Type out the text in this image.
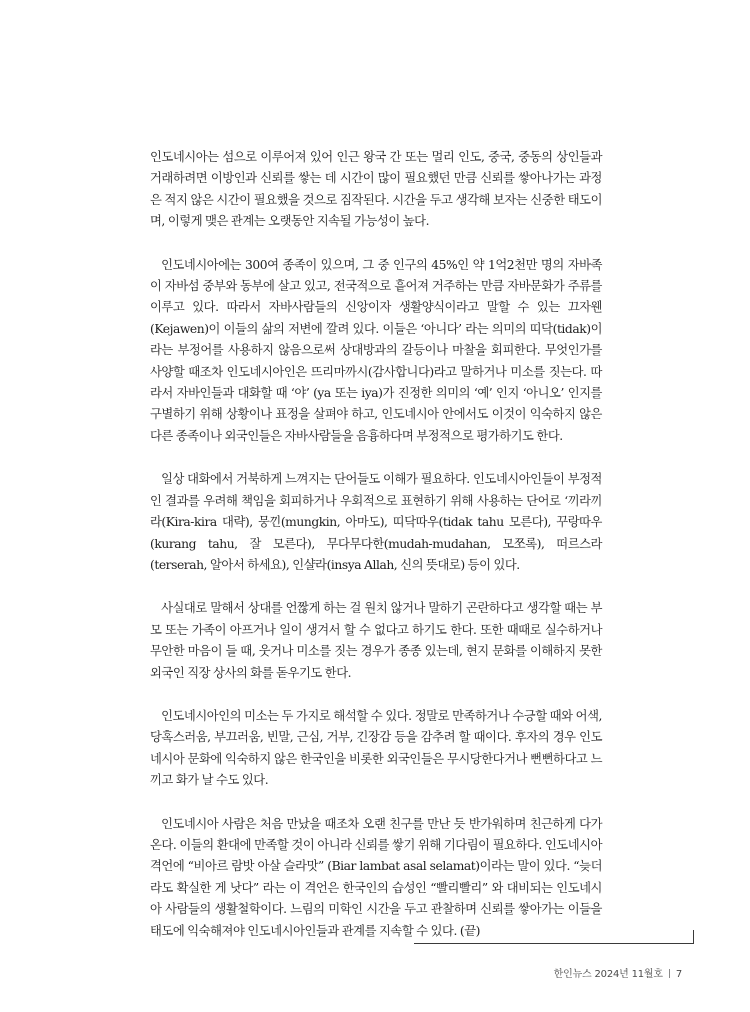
인도네시아는 섬으로 이루어져 있어 인근 왕국 간 또는 멀리 인도, 중국, 중동의 상인들과 거래하려면 이방인과 신뢰를 쌓는 데 시간이 많이 필요했던 만큼 신뢰를 쌓아나가는 과정은 적지 않은 시간이 필요했을 것으로 짐작된다. 시간을 두고 생각해 보자는 신중한 태도이며, 이렇게 맺은 관계는 오랫동안 지속될 가능성이 높다.

인도네시아에는 300여 종족이 있으며, 그 중 인구의 45%인 약 1억2천만 명의 자바족이 자바섬 중부와 동부에 살고 있고, 전국적으로 흩어져 거주하는 만큼 자바문화가 주류를 이루고 있다. 따라서 자바사람들의 신앙이자 생활양식이라고 말할 수 있는 끄자웬(Kejawen)이 이들의 삶의 저변에 깔려 있다. 이들은 ‘아니다’ 라는 의미의 띠닥(tidak)이라는 부정어를 사용하지 않음으로써 상대방과의 갈등이나 마찰을 회피한다. 무엇인가를 사양할 때조차 인도네시아인은 뜨리마까시(감사합니다)라고 말하거나 미소를 짓는다. 따라서 자바인들과 대화할 때 ‘야’ (ya 또는 iya)가 진정한 의미의 ‘예’ 인지 ‘아니오’ 인지를 구별하기 위해 상황이나 표정을 살펴야 하고, 인도네시아 안에서도 이것이 익숙하지 않은 다른 종족이나 외국인들은 자바사람들을 음흉하다며 부정적으로 평가하기도 한다.

일상 대화에서 거북하게 느껴지는 단어들도 이해가 필요하다. 인도네시아인들이 부정적인 결과를 우려해 책임을 회피하거나 우회적으로 표현하기 위해 사용하는 단어로 ‘끼라끼라(Kira-kira 대략), 뭉낀(mungkin, 아마도), 띠닥따우(tidak tahu 모른다), 꾸랑따우(kurang tahu, 잘 모른다), 무다무다한(mudah-mudahan, 모쪼록), 떠르스라(terserah, 알아서 하세요), 인샬라(insya Allah, 신의 뜻대로) 등이 있다.

사실대로 말해서 상대를 언짢게 하는 걸 원치 않거나 말하기 곤란하다고 생각할 때는 부모 또는 가족이 아프거나 일이 생겨서 할 수 없다고 하기도 한다. 또한 때때로 실수하거나 무안한 마음이 들 때, 웃거나 미소를 짓는 경우가 종종 있는데, 현지 문화를 이해하지 못한 외국인 직장 상사의 화를 돋우기도 한다.

인도네시아인의 미소는 두 가지로 해석할 수 있다. 정말로 만족하거나 수긍할 때와 어색, 당혹스러움, 부끄러움, 빈말, 근심, 거부, 긴장감 등을 감추려 할 때이다. 후자의 경우 인도네시아 문화에 익숙하지 않은 한국인을 비롯한 외국인들은 무시당한다거나 뻔뻔하다고 느끼고 화가 날 수도 있다.

인도네시아 사람은 처음 만났을 때조차 오랜 친구를 만난 듯 반가워하며 친근하게 다가온다. 이들의 환대에 만족할 것이 아니라 신뢰를 쌓기 위해 기다림이 필요하다. 인도네시아 격언에 “비아르 람밧 아살 슬라맛” (Biar lambat asal selamat)이라는 말이 있다. “늦더라도 확실한 게 낫다” 라는 이 격언은 한국인의 습성인 “빨리빨리” 와 대비되는 인도네시아 사람들의 생활철학이다. 느림의 미학인 시간을 두고 관찰하며 신뢰를 쌓아가는 이들을 태도에 익숙해져야 인도네시아인들과 관계를 지속할 수 있다. (끝)

한인뉴스 2024년 11월호 7
